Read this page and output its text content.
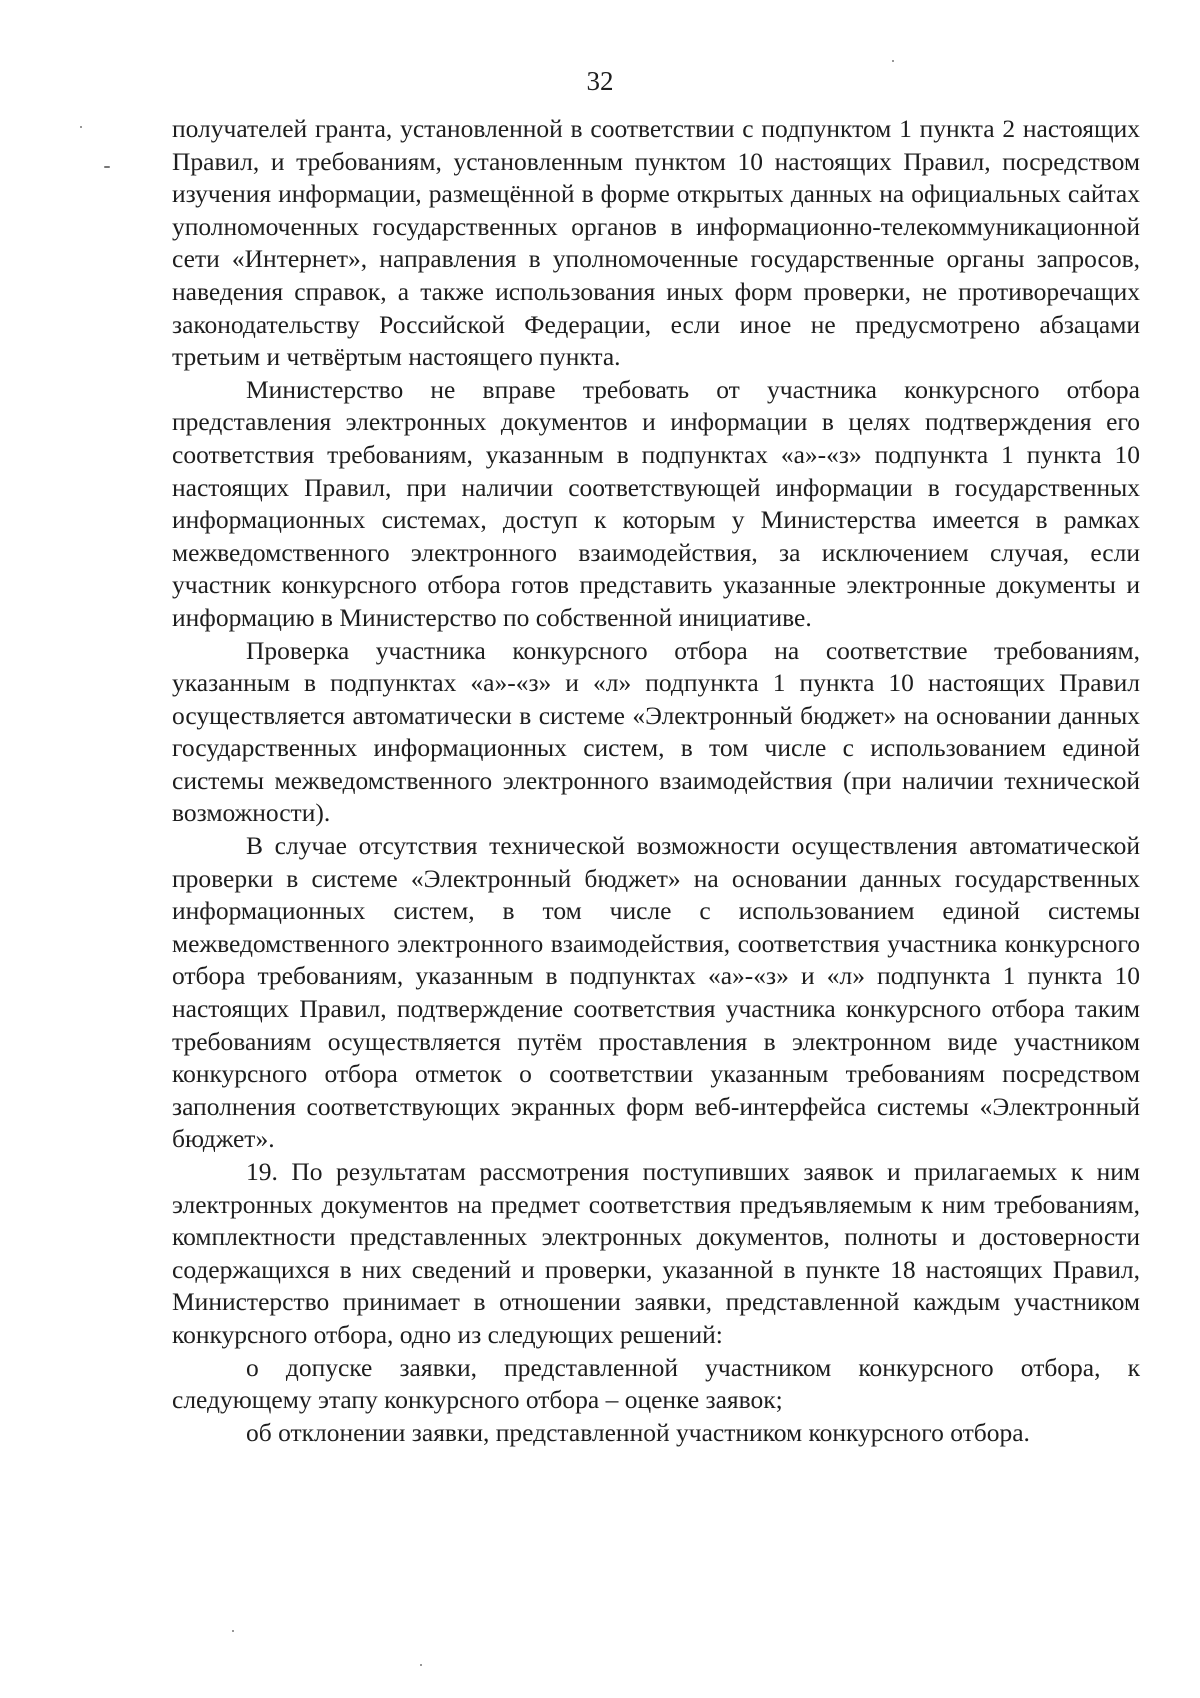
32

получателей гранта, установленной в соответствии с подпунктом 1 пункта 2 настоящих Правил, и требованиям, установленным пунктом 10 настоящих Правил, посредством изучения информации, размещённой в форме открытых данных на официальных сайтах уполномоченных государственных органов в информационно-телекоммуникационной сети «Интернет», направления в уполномоченные государственные органы запросов, наведения справок, а также использования иных форм проверки, не противоречащих законодательству Российской Федерации, если иное не предусмотрено абзацами третьим и четвёртым настоящего пункта.

Министерство не вправе требовать от участника конкурсного отбора представления электронных документов и информации в целях подтверждения его соответствия требованиям, указанным в подпунктах «а»-«з» подпункта 1 пункта 10 настоящих Правил, при наличии соответствующей информации в государственных информационных системах, доступ к которым у Министерства имеется в рамках межведомственного электронного взаимодействия, за исключением случая, если участник конкурсного отбора готов представить указанные электронные документы и информацию в Министерство по собственной инициативе.

Проверка участника конкурсного отбора на соответствие требованиям, указанным в подпунктах «а»-«з» и «л» подпункта 1 пункта 10 настоящих Правил осуществляется автоматически в системе «Электронный бюджет» на основании данных государственных информационных систем, в том числе с использованием единой системы межведомственного электронного взаимодействия (при наличии технической возможности).

В случае отсутствия технической возможности осуществления автоматической проверки в системе «Электронный бюджет» на основании данных государственных информационных систем, в том числе с использованием единой системы межведомственного электронного взаимодействия, соответствия участника конкурсного отбора требованиям, указанным в подпунктах «а»-«з» и «л» подпункта 1 пункта 10 настоящих Правил, подтверждение соответствия участника конкурсного отбора таким требованиям осуществляется путём проставления в электронном виде участником конкурсного отбора отметок о соответствии указанным требованиям посредством заполнения соответствующих экранных форм веб-интерфейса системы «Электронный бюджет».

19. По результатам рассмотрения поступивших заявок и прилагаемых к ним электронных документов на предмет соответствия предъявляемым к ним требованиям, комплектности представленных электронных документов, полноты и достоверности содержащихся в них сведений и проверки, указанной в пункте 18 настоящих Правил, Министерство принимает в отношении заявки, представленной каждым участником конкурсного отбора, одно из следующих решений:

о допуске заявки, представленной участником конкурсного отбора, к следующему этапу конкурсного отбора – оценке заявок;

об отклонении заявки, представленной участником конкурсного отбора.
